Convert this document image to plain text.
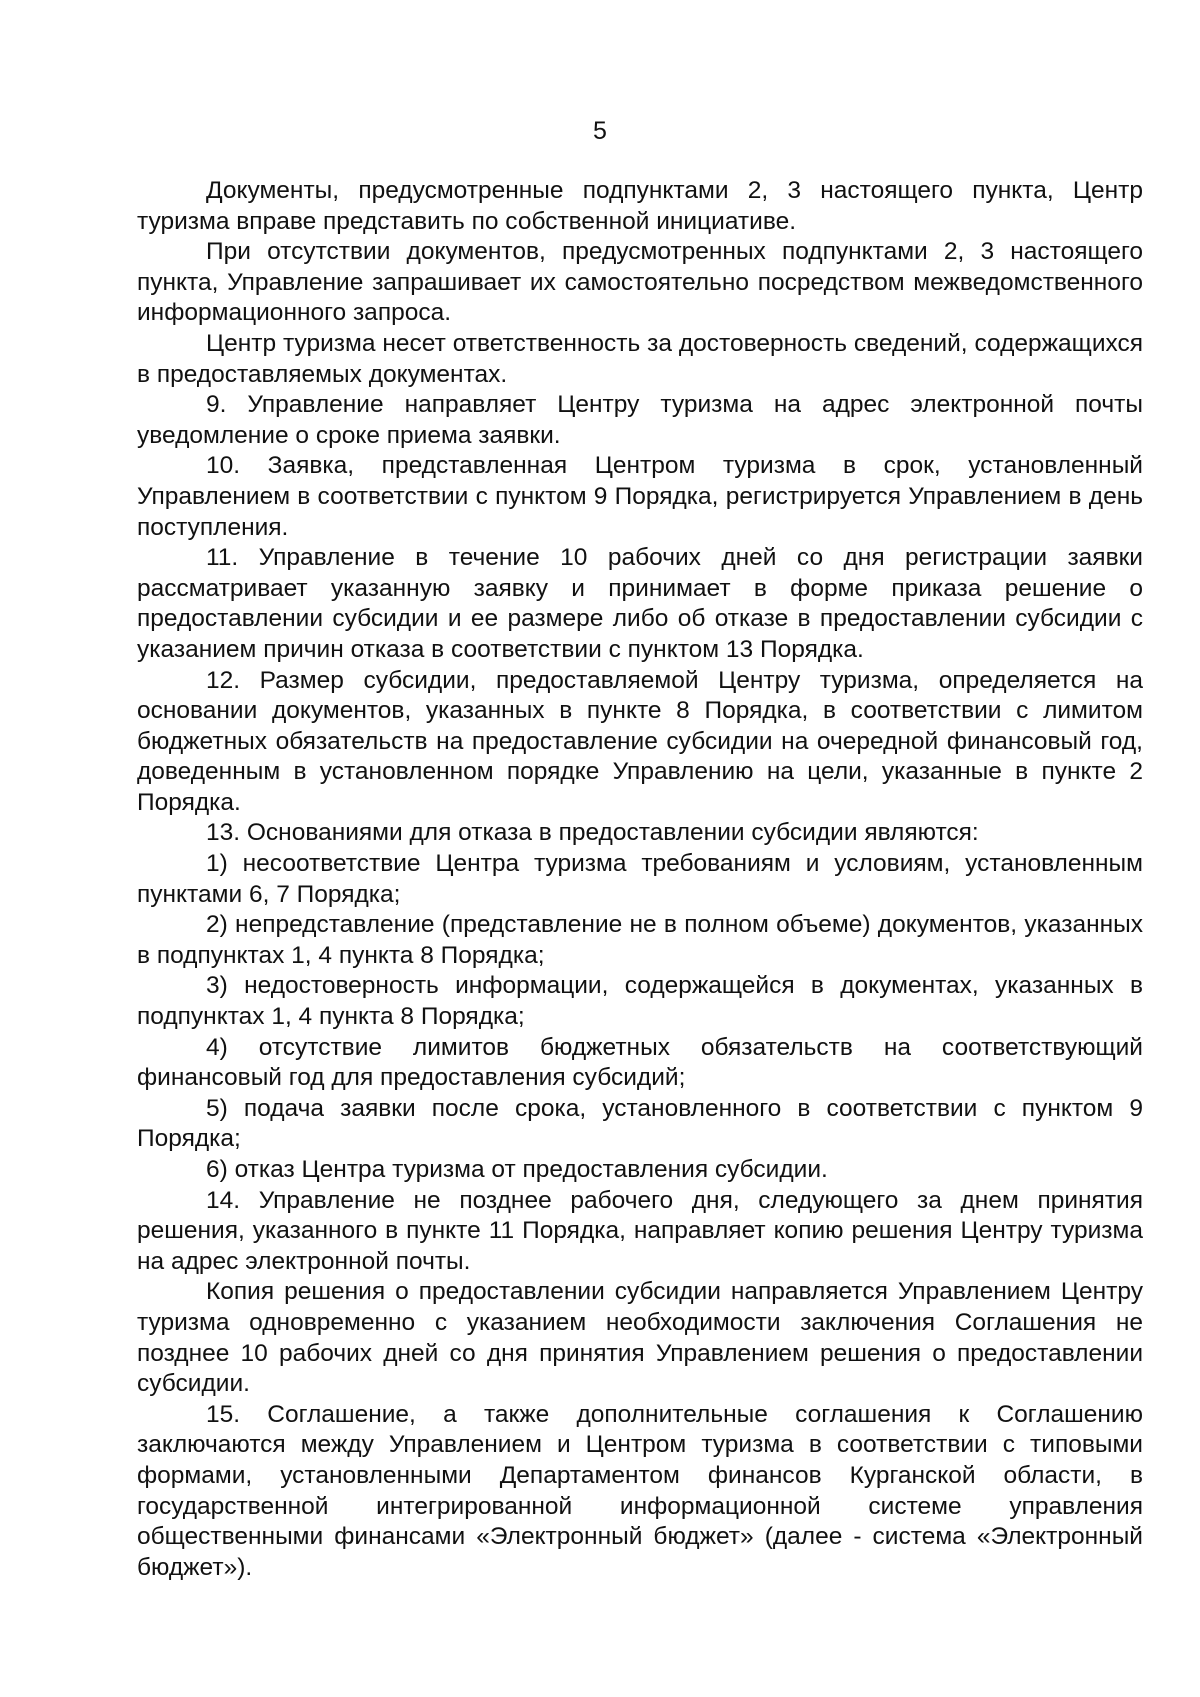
5

Документы, предусмотренные подпунктами 2, 3 настоящего пункта, Центр туризма вправе представить по собственной инициативе.

При отсутствии документов, предусмотренных подпунктами 2, 3 настоящего пункта, Управление запрашивает их самостоятельно посредством межведомственного информационного запроса.

Центр туризма несет ответственность за достоверность сведений, содержащихся в предоставляемых документах.

9. Управление направляет Центру туризма на адрес электронной почты уведомление о сроке приема заявки.

10. Заявка, представленная Центром туризма в срок, установленный Управлением в соответствии с пунктом 9 Порядка, регистрируется Управлением в день поступления.

11. Управление в течение 10 рабочих дней со дня регистрации заявки рассматривает указанную заявку и принимает в форме приказа решение о предоставлении субсидии и ее размере либо об отказе в предоставлении субсидии с указанием причин отказа в соответствии с пунктом 13 Порядка.

12. Размер субсидии, предоставляемой Центру туризма, определяется на основании документов, указанных в пункте 8 Порядка, в соответствии с лимитом бюджетных обязательств на предоставление субсидии на очередной финансовый год, доведенным в установленном порядке Управлению на цели, указанные в пункте 2 Порядка.

13. Основаниями для отказа в предоставлении субсидии являются:

1) несоответствие Центра туризма требованиям и условиям, установленным пунктами 6, 7 Порядка;

2) непредставление (представление не в полном объеме) документов, указанных в подпунктах 1, 4 пункта 8 Порядка;

3) недостоверность информации, содержащейся в документах, указанных в подпунктах 1, 4 пункта 8 Порядка;

4) отсутствие лимитов бюджетных обязательств на соответствующий финансовый год для предоставления субсидий;

5) подача заявки после срока, установленного в соответствии с пунктом 9 Порядка;

6) отказ Центра туризма от предоставления субсидии.

14. Управление не позднее рабочего дня, следующего за днем принятия решения, указанного в пункте 11 Порядка, направляет копию решения Центру туризма на адрес электронной почты.

Копия решения о предоставлении субсидии направляется Управлением Центру туризма одновременно с указанием необходимости заключения Соглашения не позднее 10 рабочих дней со дня принятия Управлением решения о предоставлении субсидии.

15. Соглашение, а также дополнительные соглашения к Соглашению заключаются между Управлением и Центром туризма в соответствии с типовыми формами, установленными Департаментом финансов Курганской области, в государственной интегрированной информационной системе управления общественными финансами «Электронный бюджет» (далее - система «Электронный бюджет»).
